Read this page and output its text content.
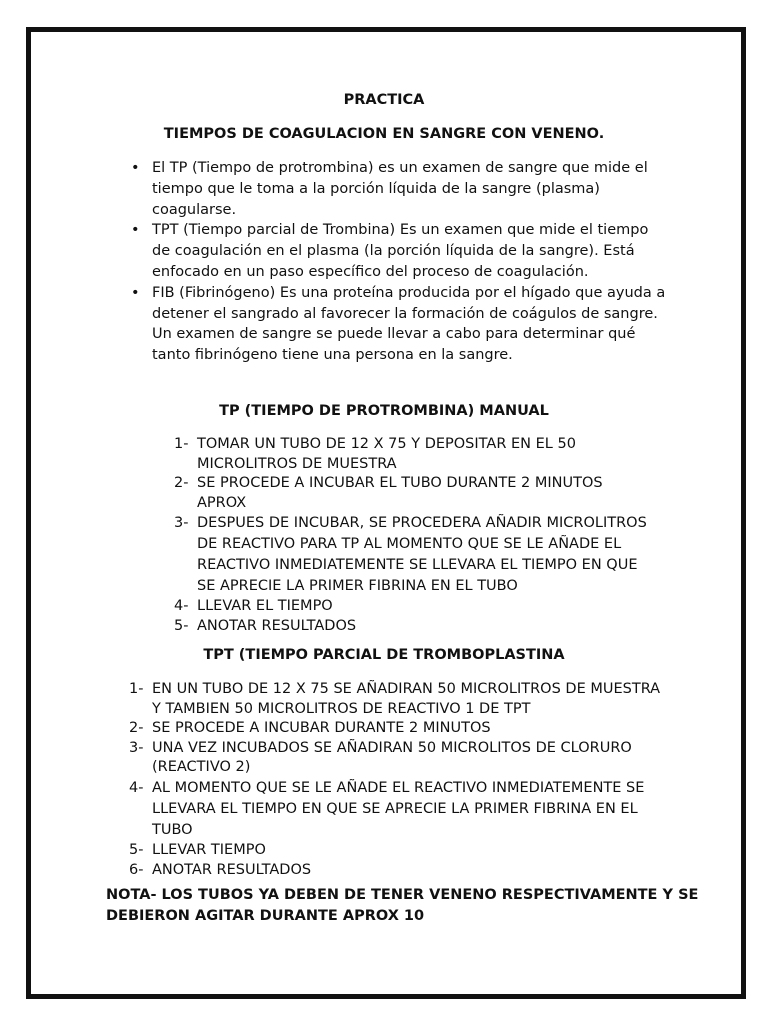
PRACTICA
TIEMPOS DE COAGULACION EN SANGRE CON VENENO.
• El TP (Tiempo de protrombina) es un examen de sangre que mide el tiempo que le toma a la porción líquida de la sangre (plasma) coagularse.
• TPT (Tiempo parcial de Trombina) Es un examen que mide el tiempo de coagulación en el plasma (la porción líquida de la sangre). Está enfocado en un paso específico del proceso de coagulación.
• FIB (Fibrinógeno) Es una proteína producida por el hígado que ayuda a detener el sangrado al favorecer la formación de coágulos de sangre. Un examen de sangre se puede llevar a cabo para determinar qué tanto fibrinógeno tiene una persona en la sangre.
TP (TIEMPO DE PROTROMBINA) MANUAL
1- TOMAR UN TUBO DE 12 X 75 Y DEPOSITAR EN EL 50 MICROLITROS DE MUESTRA
2- SE PROCEDE A INCUBAR EL TUBO DURANTE 2 MINUTOS APROX
3- DESPUES DE INCUBAR, SE PROCEDERA AÑADIR MICROLITROS DE REACTIVO PARA TP AL MOMENTO QUE SE LE AÑADE EL REACTIVO INMEDIATEMENTE SE LLEVARA EL TIEMPO EN QUE SE APRECIE LA PRIMER FIBRINA EN EL TUBO
4- LLEVAR EL TIEMPO
5- ANOTAR RESULTADOS
TPT (TIEMPO PARCIAL DE TROMBOPLASTINA
1- EN UN TUBO DE 12 X 75 SE AÑADIRAN 50 MICROLITROS DE MUESTRA Y TAMBIEN 50 MICROLITROS DE REACTIVO 1 DE TPT
2- SE PROCEDE A INCUBAR DURANTE 2 MINUTOS
3- UNA VEZ INCUBADOS SE AÑADIRAN 50 MICROLITOS DE CLORURO (REACTIVO 2)
4- AL MOMENTO QUE SE LE AÑADE EL REACTIVO INMEDIATEMENTE SE LLEVARA EL TIEMPO EN QUE SE APRECIE LA PRIMER FIBRINA EN EL TUBO
5- LLEVAR TIEMPO
6- ANOTAR RESULTADOS

NOTA- LOS TUBOS YA DEBEN DE TENER VENENO RESPECTIVAMENTE Y SE DEBIERON AGITAR DURANTE APROX 10
